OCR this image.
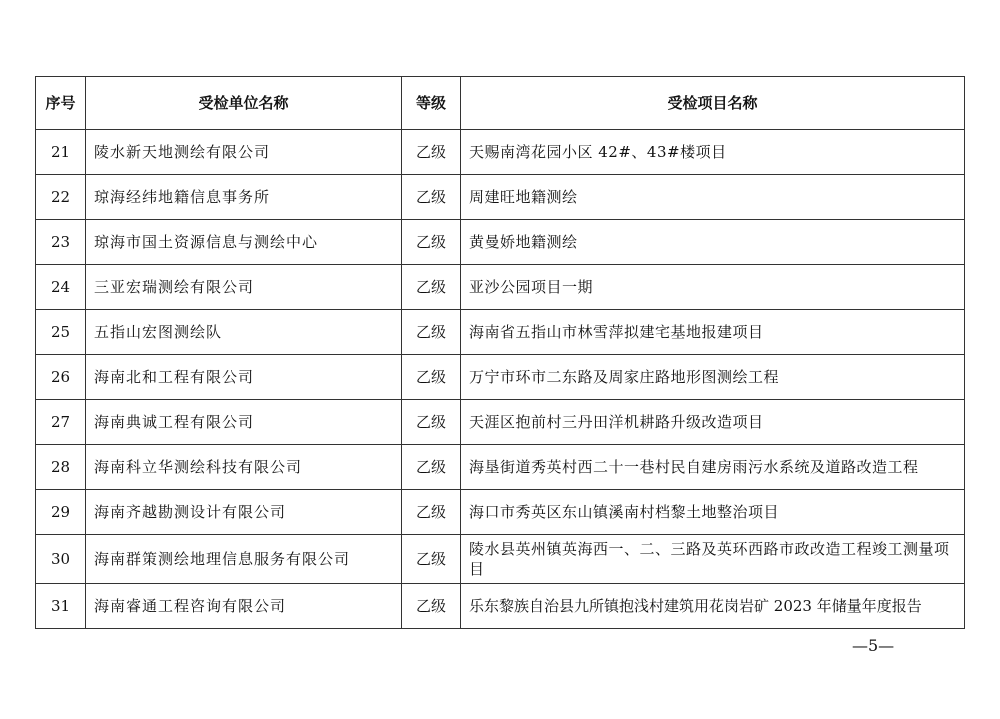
序号	受检单位名称	等级	受检项目名称
21	陵水新天地测绘有限公司	乙级	天赐南湾花园小区 42#、43#楼项目
22	琼海经纬地籍信息事务所	乙级	周建旺地籍测绘
23	琼海市国土资源信息与测绘中心	乙级	黄曼娇地籍测绘
24	三亚宏瑞测绘有限公司	乙级	亚沙公园项目一期
25	五指山宏图测绘队	乙级	海南省五指山市林雪萍拟建宅基地报建项目
26	海南北和工程有限公司	乙级	万宁市环市二东路及周家庄路地形图测绘工程
27	海南典诚工程有限公司	乙级	天涯区抱前村三丹田洋机耕路升级改造项目
28	海南科立华测绘科技有限公司	乙级	海垦街道秀英村西二十一巷村民自建房雨污水系统及道路改造工程
29	海南齐越勘测设计有限公司	乙级	海口市秀英区东山镇溪南村档黎土地整治项目
30	海南群策测绘地理信息服务有限公司	乙级	陵水县英州镇英海西一、二、三路及英环西路市政改造工程竣工测量项目
31	海南睿通工程咨询有限公司	乙级	乐东黎族自治县九所镇抱浅村建筑用花岗岩矿 2023 年储量年度报告
—5—
